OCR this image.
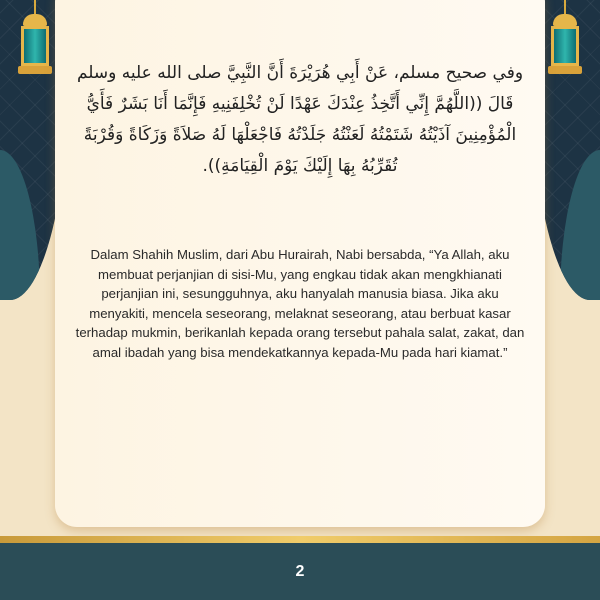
وفي صحيح مسلم، عَنْ أَبِي هُرَيْرَةَ أَنَّ النَّبِيَّ صلى الله عليه وسلم قَالَ ((اللَّهُمَّ إِنِّي أَتَّخِذُ عِنْدَكَ عَهْدًا لَنْ تُخْلِفَنِيهِ فَإِنَّمَا أَنَا بَشَرٌ فَأَيُّ الْمُؤْمِنِينَ آذَيْتُهُ شَتَمْتُهُ لَعَنْتُهُ جَلَدْتُهُ فَاجْعَلْهَا لَهُ صَلاَةً وَزَكَاةً وَقُرْبَةً تُقَرِّبُهُ بِهَا إِلَيْكَ يَوْمَ الْقِيَامَةِ)).
Dalam Shahih Muslim, dari Abu Hurairah, Nabi bersabda, “Ya Allah, aku membuat perjanjian di sisi-Mu, yang engkau tidak akan mengkhianati perjanjian ini, sesungguhnya, aku hanyalah manusia biasa. Jika aku menyakiti, mencela seseorang, melaknat seseorang, atau berbuat kasar terhadap mukmin, berikanlah kepada orang tersebut pahala salat, zakat, dan amal ibadah yang bisa mendekatkannya kepada-Mu pada hari kiamat.”
2
